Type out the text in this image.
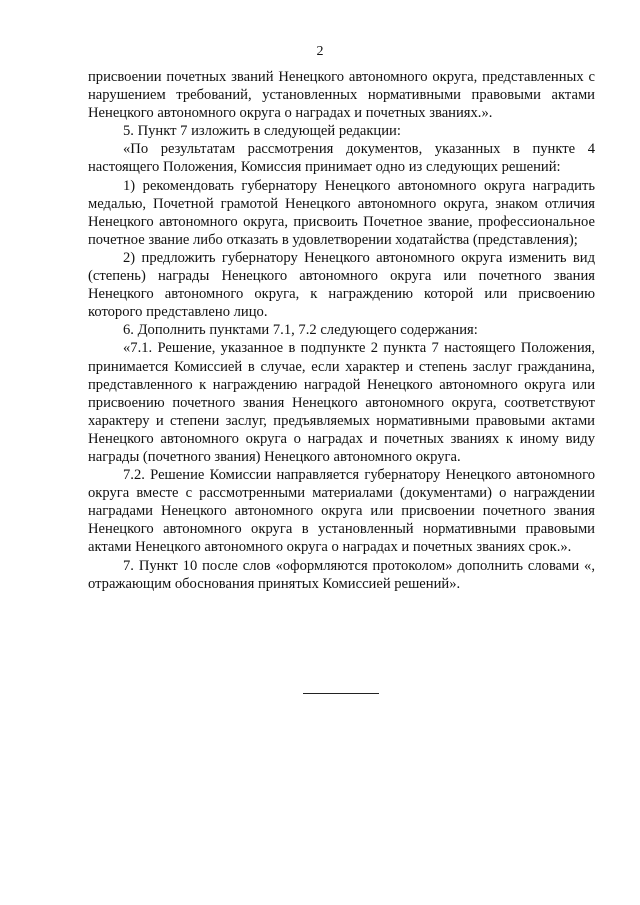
2

присвоении почетных званий Ненецкого автономного округа, представленных с нарушением требований, установленных нормативными правовыми актами Ненецкого автономного округа о наградах и почетных званиях.».

5. Пункт 7 изложить в следующей редакции:

«По результатам рассмотрения документов, указанных в пункте 4 настоящего Положения, Комиссия принимает одно из следующих решений:

1) рекомендовать губернатору Ненецкого автономного округа наградить медалью, Почетной грамотой Ненецкого автономного округа, знаком отличия Ненецкого автономного округа, присвоить Почетное звание, профессиональное почетное звание либо отказать в удовлетворении ходатайства (представления);

2) предложить губернатору Ненецкого автономного округа изменить вид (степень) награды Ненецкого автономного округа или почетного звания Ненецкого автономного округа, к награждению которой или присвоению которого представлено лицо.

6. Дополнить пунктами 7.1, 7.2 следующего содержания:

«7.1. Решение, указанное в подпункте 2 пункта 7 настоящего Положения, принимается Комиссией в случае, если характер и степень заслуг гражданина, представленного к награждению наградой Ненецкого автономного округа или присвоению почетного звания Ненецкого автономного округа, соответствуют характеру и степени заслуг, предъявляемых нормативными правовыми актами Ненецкого автономного округа о наградах и почетных званиях к иному виду награды (почетного звания) Ненецкого автономного округа.

7.2. Решение Комиссии направляется губернатору Ненецкого автономного округа вместе с рассмотренными материалами (документами) о награждении наградами Ненецкого автономного округа или присвоении почетного звания Ненецкого автономного округа в установленный нормативными правовыми актами Ненецкого автономного округа о наградах и почетных званиях срок.».

7. Пункт 10 после слов «оформляются протоколом» дополнить словами «, отражающим обоснования принятых Комиссией решений».
